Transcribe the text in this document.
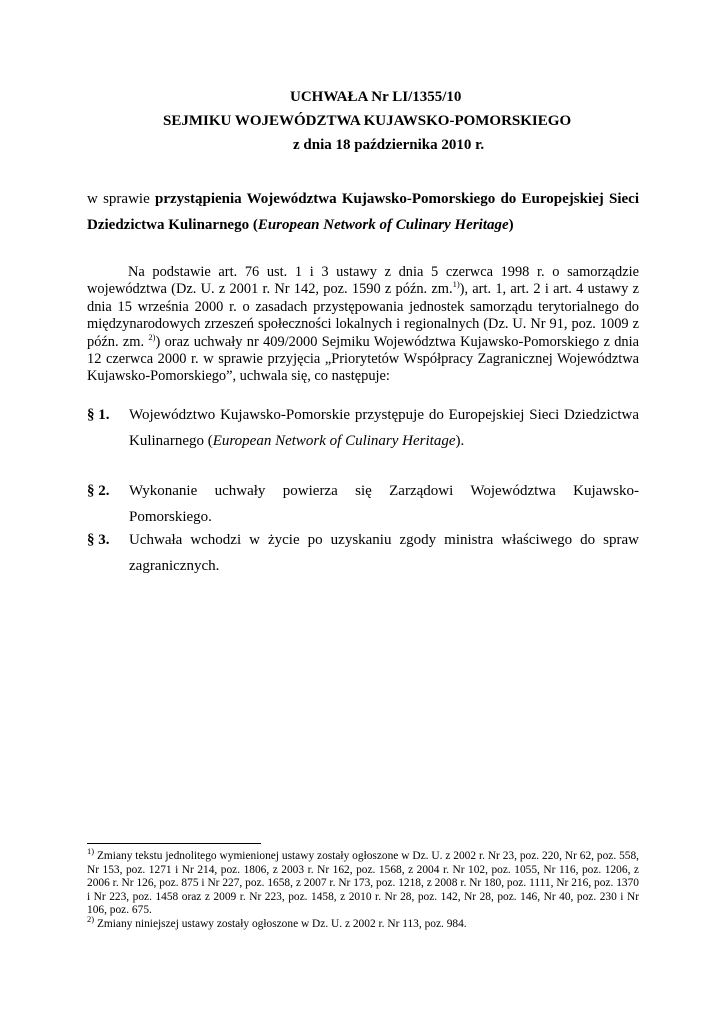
UCHWAŁA Nr LI/1355/10
SEJMIKU WOJEWÓDZTWA KUJAWSKO-POMORSKIEGO
z dnia 18 października 2010 r.
w sprawie przystąpienia Województwa Kujawsko-Pomorskiego do Europejskiej Sieci Dziedzictwa Kulinarnego (European Network of Culinary Heritage)
Na podstawie art. 76 ust. 1 i 3 ustawy z dnia 5 czerwca 1998 r. o samorządzie województwa (Dz. U. z 2001 r. Nr 142, poz. 1590 z późn. zm.$^{1)}$), art. 1, art. 2 i art. 4 ustawy z dnia 15 września 2000 r. o zasadach przystępowania jednostek samorządu terytorialnego do międzynarodowych zrzeszeń społeczności lokalnych i regionalnych (Dz. U. Nr 91, poz. 1009 z późn. zm. $^{2)}$) oraz uchwały nr 409/2000 Sejmiku Województwa Kujawsko-Pomorskiego z dnia 12 czerwca 2000 r. w sprawie przyjęcia „Priorytetów Współpracy Zagranicznej Województwa Kujawsko-Pomorskiego”, uchwala się, co następuje:
§ 1. Województwo Kujawsko-Pomorskie przystępuje do Europejskiej Sieci Dziedzictwa Kulinarnego (European Network of Culinary Heritage).
§ 2. Wykonanie uchwały powierza się Zarządowi Województwa Kujawsko-Pomorskiego.
§ 3. Uchwała wchodzi w życie po uzyskaniu zgody ministra właściwego do spraw zagranicznych.

$^{1)}$ Zmiany tekstu jednolitego wymienionej ustawy zostały ogłoszone w Dz. U. z 2002 r. Nr 23, poz. 220, Nr 62, poz. 558, Nr 153, poz. 1271 i Nr 214, poz. 1806, z 2003 r. Nr 162, poz. 1568, z 2004 r. Nr 102, poz. 1055, Nr 116, poz. 1206, z 2006 r. Nr 126, poz. 875 i Nr 227, poz. 1658, z 2007 r. Nr 173, poz. 1218, z 2008 r. Nr 180, poz. 1111, Nr 216, poz. 1370 i Nr 223, poz. 1458 oraz z 2009 r. Nr 223, poz. 1458, z 2010 r. Nr 28, poz. 142, Nr 28, poz. 146, Nr 40, poz. 230 i Nr 106, poz. 675.

$^{2)}$ Zmiany niniejszej ustawy zostały ogłoszone w Dz. U. z 2002 r. Nr 113, poz. 984.
